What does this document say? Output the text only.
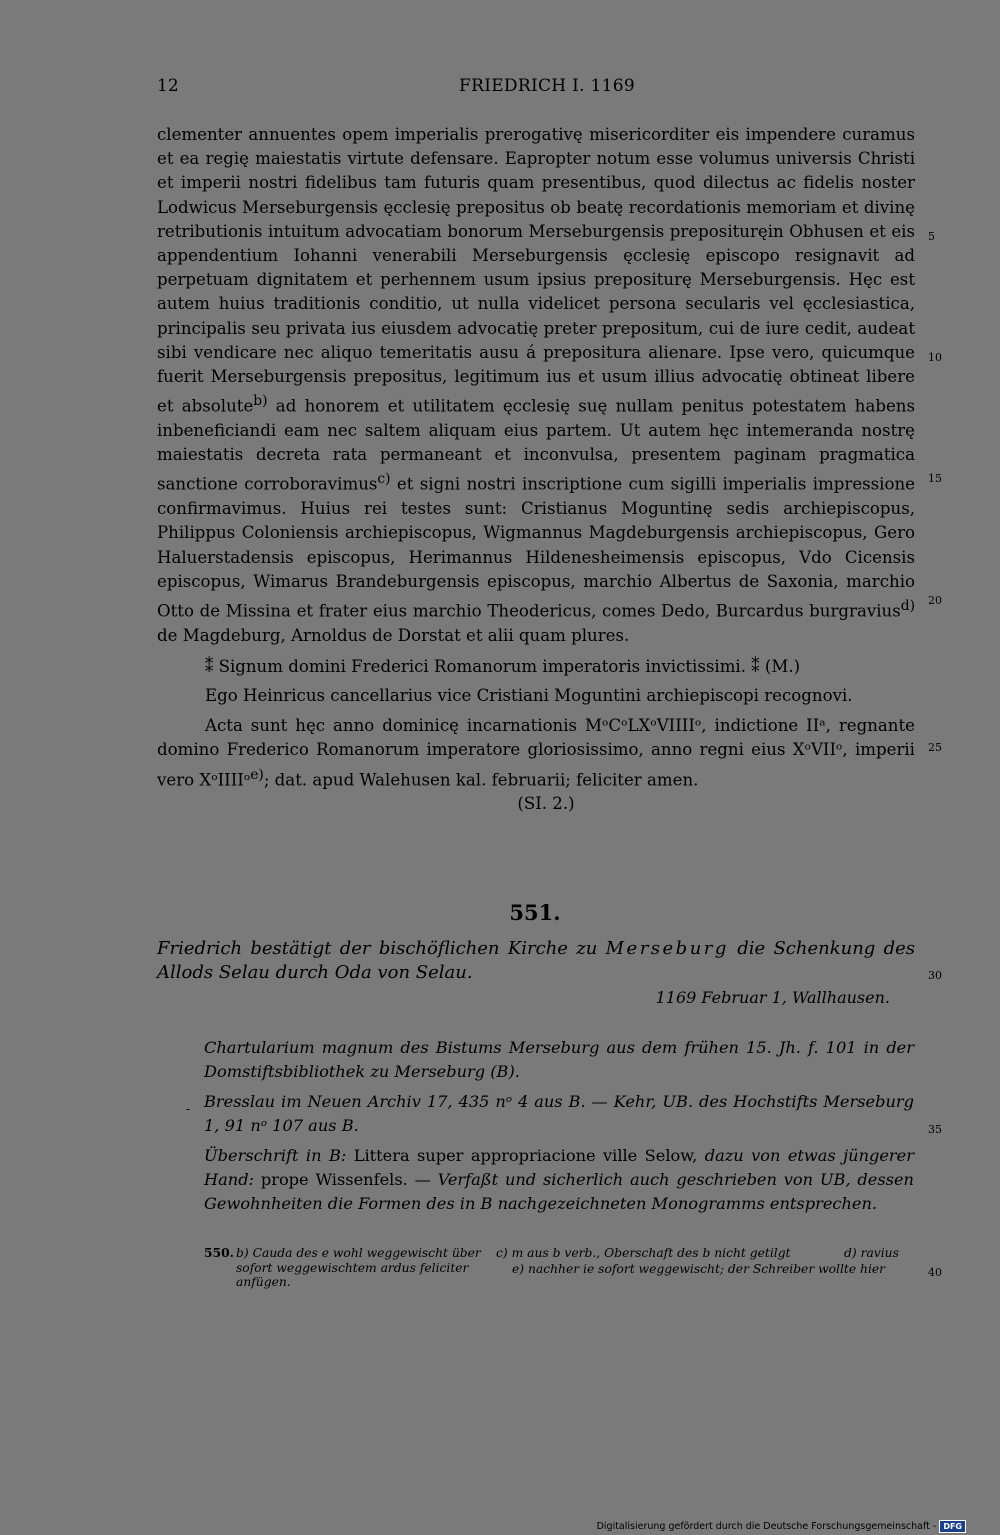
12	FRIEDRICH I. 1169

clementer annuentes opem imperialis prerogativę misericorditer eis impendere curamus et ea regię maiestatis virtute defensare. Eapropter notum esse volumus universis Christi et imperii nostri fidelibus tam futuris quam presentibus, quod dilectus ac fidelis noster Lodwicus Merseburgensis ęcclesię prepositus ob beatę recordationis memoriam et divinę retributionis intuitum advocatiam bonorum Merseburgensis preposituręin Obhusen et eis appendentium Iohanni venerabili Merseburgensis ęcclesię episcopo resignavit ad perpetuam dignitatem et perhennem usum ipsius prepositurę Merseburgensis. Hęc est autem huius traditionis conditio, ut nulla videlicet persona secularis vel ęcclesiastica, principalis seu privata ius eiusdem advocatię preter prepositum, cui de iure cedit, audeat sibi vendicare nec aliquo temeritatis ausu á prepositura alienare. Ipse vero, quicumque fuerit Merseburgensis prepositus, legitimum ius et usum illius advocatię obtineat libere et absolute$^{b)}$ ad honorem et utilitatem ęcclesię suę nullam penitus potestatem habens inbeneficiandi eam nec saltem aliquam eius partem. Ut autem hęc intemeranda nostrę maiestatis decreta rata permaneant et inconvulsa, presentem paginam pragmatica sanctione corroboravimus$^{c)}$ et signi nostri inscriptione cum sigilli imperialis impressione confirmavimus. Huius rei testes sunt: Cristianus Moguntinę sedis archiepiscopus, Philippus Coloniensis archiepiscopus, Wigmannus Magdeburgensis archiepiscopus, Gero Haluerstadensis episcopus, Herimannus Hildenesheimensis episcopus, Vdo Cicensis episcopus, Wimarus Brandeburgensis episcopus, marchio Albertus de Saxonia, marchio Otto de Missina et frater eius marchio Theodericus, comes Dedo, Burcardus burgravius$^{d)}$ de Magdeburg, Arnoldus de Dorstat et alii quam plures.

⁑ Signum domini Frederici Romanorum imperatoris invictissimi. ⁑ (M.)

Ego Heinricus cancellarius vice Cristiani Moguntini archiepiscopi recognovi.

Acta sunt hęc anno dominicę incarnationis MᵒCᵒLXᵒVIIIIᵒ, indictione IIᵃ, regnante domino Frederico Romanorum imperatore gloriosissimo, anno regni eius XᵒVIIᵒ, imperii vero XᵒIIIIᵒ$^{e)}$; dat. apud Walehusen kal. februarii; feliciter amen.

(SI. 2.)

5
10
15
20
25
30
35
40
551.
Friedrich bestätigt der bischöflichen Kirche zu Merseburg die Schenkung des Allods Selau durch Oda von Selau.
1169 Februar 1, Wallhausen.
-

Chartularium magnum des Bistums Merseburg aus dem frühen 15. Jh. f. 101 in der Domstiftsbibliothek zu Merseburg (B).

Bresslau im Neuen Archiv 17, 435 nᵒ 4 aus B. — Kehr, UB. des Hochstifts Merseburg 1, 91 nᵒ 107 aus B.

Überschrift in B: Littera super appropriacione ville Selow, dazu von etwas jüngerer Hand: prope Wissenfels. — Verfaßt und sicherlich auch geschrieben von UB, dessen Gewohnheiten die Formen des in B nachgezeichneten Monogramms entsprechen.

550. b) Cauda des e wohl weggewischt über sofort weggewischtem ardus feliciter anfügen.
c) m aus b verb., Oberschaft des b nicht getilgt	d) ravius
e) nachher ie sofort weggewischt; der Schreiber wollte hier
Digitalisierung gefördert durch die Deutsche Forschungsgemeinschaft - DFG
